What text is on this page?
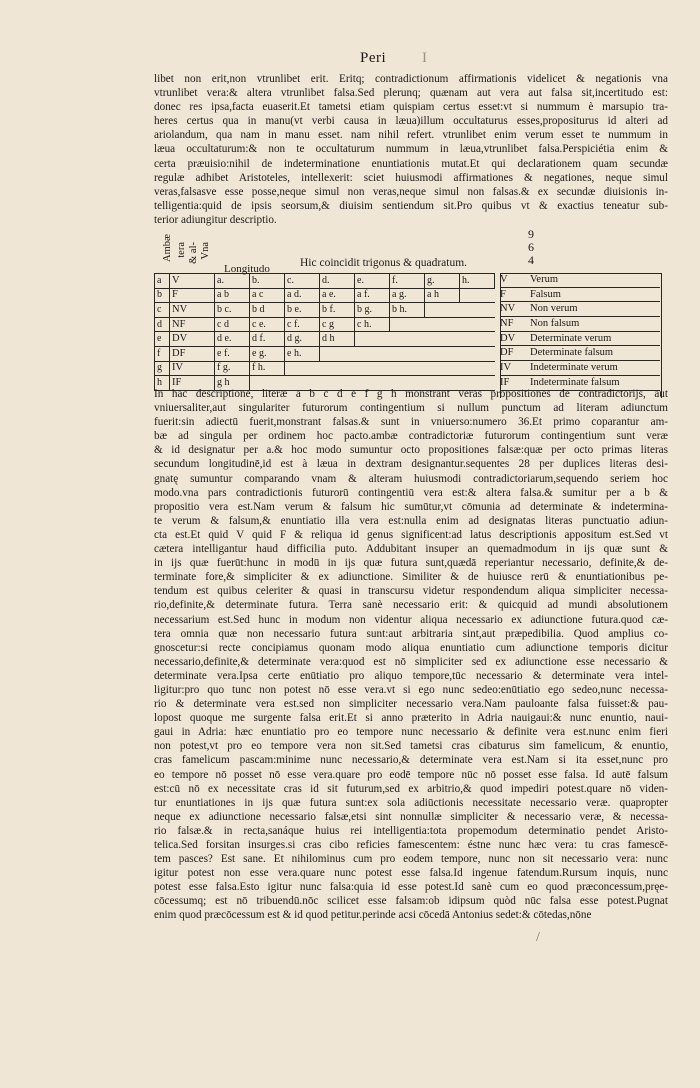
Peri I
libet non erit,non vtrunlibet erit. Eritq; contradictionum affirmationis videlicet & negationis vna
vtrunlibet vera:& altera vtrunlibet falsa.Sed plerunq; quænam aut vera aut falsa sit,incertitudo est:
donec res ipsa,facta euaserit.Et tametsi etiam quispiam certus esset:vt si nummum è marsupio tra-
heres certus qua in manu(vt verbi causa in læua)illum occultaturus esses,propositurus id alteri ad
ariolandum, qua nam in manu esset. nam nihil refert. vtrunlibet enim verum esset te nummum in
læua occultaturum:& non te occultaturum nummum in læua,vtrunlibet falsa.Perspiciétia enim &
certa præuisio:nihil de indeterminatione enuntiationis mutat.Et qui declarationem quam secundæ
regulæ adhibet Aristoteles, intellexerit: sciet huiusmodi affirmationes & negationes, neque simul
veras,falsasve esse posse,neque simul non veras,neque simul non falsas.& ex secundæ diuisionis in-
telligentia:quid de ipsis seorsum,& diuisim sentiendum sit.Pro quibus vt & exactius teneatur sub-
terior adiungitur descriptio.
9
6
4
Vna
& al-
tera
Ambæ
Longitudo	Hic coincidit trigonus & quadratum.
a	V	a.	b.	c.	d.	e.	f.	g.	h.
b	F	a b	a c	a d.	a e.	a f.	a g.	a h	
c	NV	b c.	b d	b e.	b f.	b g.	b h.		
d	NF	c d	c e.	c f.	c g	c h.			
e	DV	d e.	d f.	d g.	d h				
f	DF	e f.	e g.	e h.					
g	IV	f g.	f h.						
h	IF	g h							
V Verum
F Falsum
NV Non verum
NF Non falsum
DV Determinate verum
DF Determinate falsum
IV Indeterminate verum
IF Indeterminate falsum
In hac descriptione, literæ a b c d e f g h monstrant veras propositiones de contradictorijs, aut
vniuersaliter,aut singulariter futurorum contingentium si nullum punctum ad literam adiunctum
fuerit:sin adiectū fuerit,monstrant falsas.& sunt in vniuerso:numero 36.Et primo coparantur am-
bæ ad singula per ordinem hoc pacto.ambæ contradictoriæ futurorum contingentium sunt veræ
& id designatur per a.& hoc modo sumuntur octo propositiones falsæ:quæ per octo primas literas
secundum longitudinē,id est à læua in dextram designantur.sequentes 28 per duplices literas desi-
gnatę sumuntur comparando vnam & alteram huiusmodi contradictoriarum,sequendo seriem hoc
modo.vna pars contradictionis futurorū contingentiū vera est:& altera falsa.& sumitur per a b &
propositio vera est.Nam verum & falsum hic sumūtur,vt cōmunia ad determinate & indetermina-
te verum & falsum,& enuntiatio illa vera est:nulla enim ad designatas literas punctuatio adiun-
cta est.Et quid V quid F & reliqua id genus significent:ad latus descriptionis appositum est.Sed vt
cætera intelligantur haud difficilia puto. Addubitant insuper an quemadmodum in ijs quæ sunt &
in ijs quæ fuerūt:hunc in modū in ijs quæ futura sunt,quædā reperiantur necessario, definite,& de-
terminate fore,& simpliciter & ex adiunctione. Similiter & de huiusce rerū & enuntiationibus pe-
tendum est quibus celeriter & quasi in transcursu videtur respondendum aliqua simpliciter necessa-
rio,definite,& determinate futura. Terra sanè necessario erit: & quicquid ad mundi absolutionem
necessarium est.Sed hunc in modum non videntur aliqua necessario ex adiunctione futura.quod cæ-
tera omnia quæ non necessario futura sunt:aut arbitraria sint,aut præpedibilia. Quod amplius co-
gnoscetur:si recte concipiamus quonam modo aliqua enuntiatio cum adiunctione temporis dicitur
necessario,definite,& determinate vera:quod est nō simpliciter sed ex adiunctione esse necessario &
determinate vera.Ipsa certe enūtiatio pro aliquo tempore,tūc necessario & determinate vera intel-
ligitur:pro quo tunc non potest nō esse vera.vt si ego nunc sedeo:enūtiatio ego sedeo,nunc necessa-
rio & determinate vera est.sed non simpliciter necessario vera.Nam pauloante falsa fuisset:& pau-
lopost quoque me surgente falsa erit.Et si anno præterito in Adria nauigaui:& nunc enuntio, naui-
gaui in Adria: hæc enuntiatio pro eo tempore nunc necessario & definite vera est.nunc enim fieri
non potest,vt pro eo tempore vera non sit.Sed tametsi cras cibaturus sim famelicum, & enuntio,
cras famelicum pascam:minime nunc necessario,& determinate vera est.Nam si ita esset,nunc pro
eo tempore nō posset nō esse vera.quare pro eodē tempore nūc nō posset esse falsa. Id autē falsum
est:cū nō ex necessitate cras id sit futurum,sed ex arbitrio,& quod impediri potest.quare nō viden-
tur enuntiationes in ijs quæ futura sunt:ex sola adiūctionis necessitate necessario veræ. quapropter
neque ex adiunctione necessario falsæ,etsi sint nonnullæ simpliciter & necessario veræ, & necessa-
rio falsæ.& in recta,sanáque huius rei intelligentia:tota propemodum determinatio pendet Aristo-
telica.Sed forsitan insurges.si cras cibo reficies famescentem: éstne nunc hæc vera: tu cras famescē-
tem pasces? Est sane. Et nihilominus cum pro eodem tempore, nunc non sit necessario vera: nunc
igitur potest non esse vera.quare nunc potest esse falsa.Id ingenue fatendum.Rursum inquis, nunc
potest esse falsa.Esto igitur nunc falsa:quia id esse potest.Id sanè cum eo quod præconcessum,pręe-
cōcessumq; est nō tribuendū.nōc scilicet esse falsam:ob idipsum quòd nūc falsa esse potest.Pugnat
enim quod præcōcessum est & id quod petitur.perinde acsi cōcedā Antonius sedet:& cōtedas,nōne
/
